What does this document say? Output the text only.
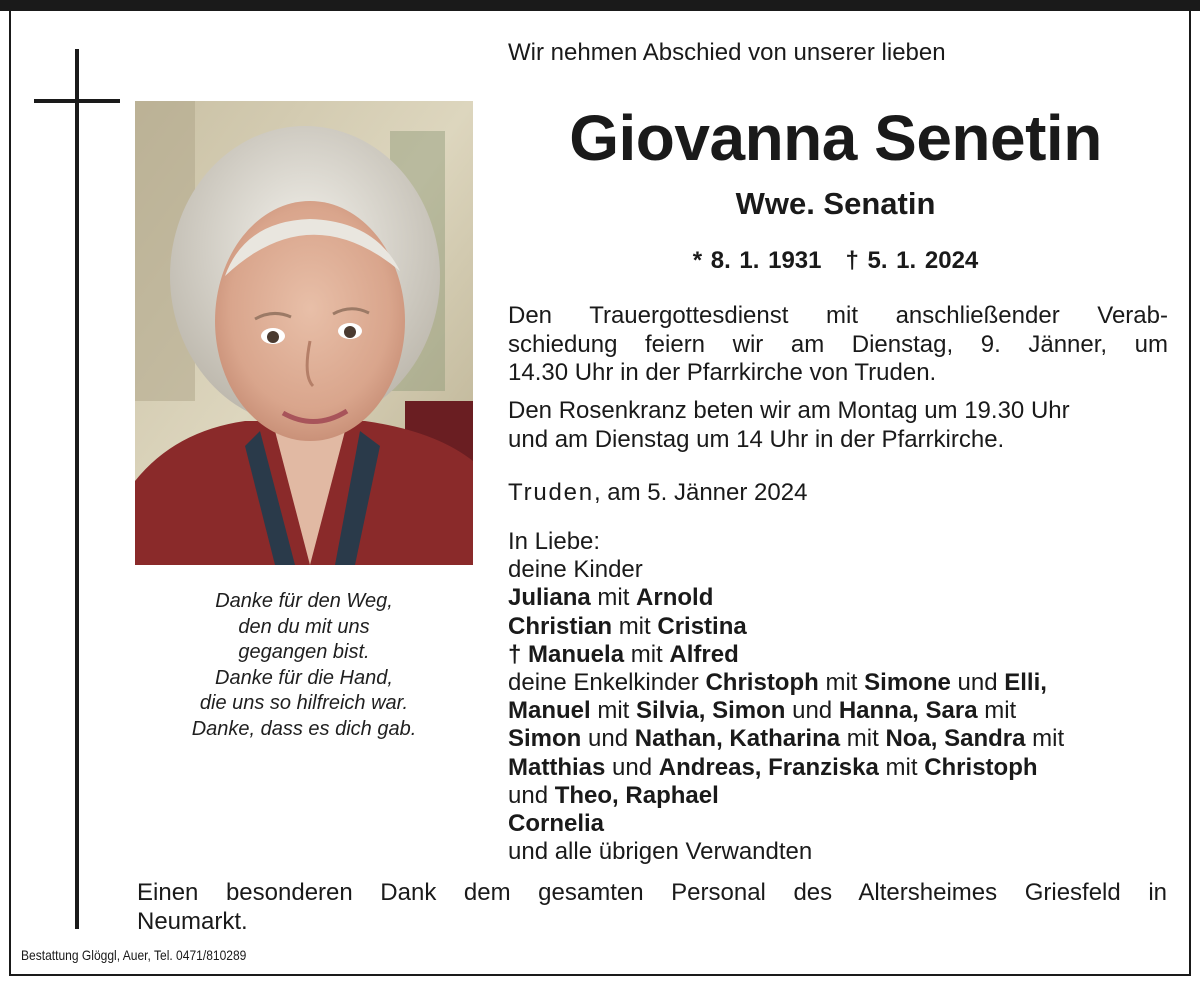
Danke für den Weg,
den du mit uns
gegangen bist.
Danke für die Hand,
die uns so hilfreich war.
Danke, dass es dich gab.
Wir nehmen Abschied von unserer lieben
Giovanna Senetin
Wwe. Senatin
* 8. 1. 1931 † 5. 1. 2024
Den Trauergottesdienst mit anschließender Verab-
schiedung feiern wir am Dienstag, 9. Jänner, um
14.30 Uhr in der Pfarrkirche von Truden.
Den Rosenkranz beten wir am Montag um 19.30 Uhr
und am Dienstag um 14 Uhr in der Pfarrkirche.
Truden, am 5. Jänner 2024
In Liebe:
deine Kinder
Juliana mit Arnold
Christian mit Cristina
† Manuela mit Alfred
deine Enkelkinder Christoph mit Simone und Elli,
Manuel mit Silvia, Simon und Hanna, Sara mit
Simon und Nathan, Katharina mit Noa, Sandra mit
Matthias und Andreas, Franziska mit Christoph
und Theo, Raphael
Cornelia
und alle übrigen Verwandten
Einen besonderen Dank dem gesamten Personal des Altersheimes Griesfeld in
Neumarkt.
Bestattung Glöggl, Auer, Tel. 0471/810289
